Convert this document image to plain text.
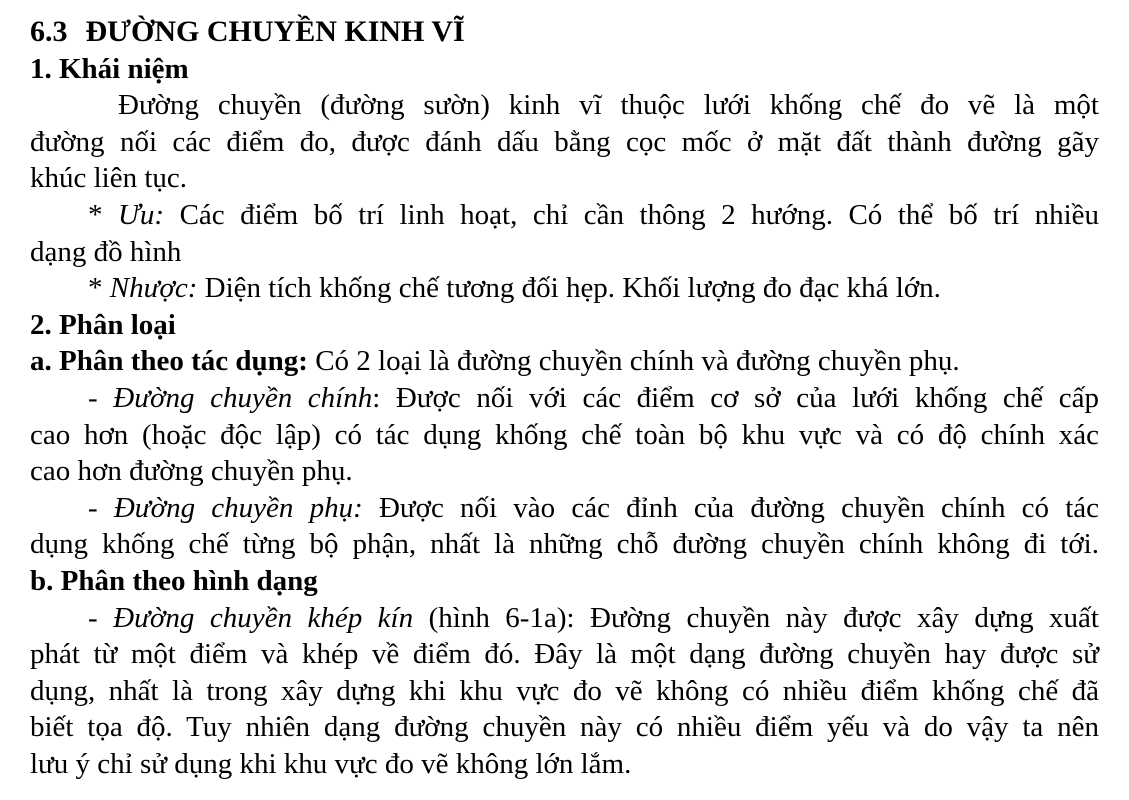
6.3 ĐƯỜNG CHUYỀN KINH VĨ
1. Khái niệm
Đường chuyền (đường sườn) kinh vĩ thuộc lưới khống chế đo vẽ là một
đường nối các điểm đo, được đánh dấu bằng cọc mốc ở mặt đất thành đường gãy
khúc liên tục.
* Ưu: Các điểm bố trí linh hoạt, chỉ cần thông 2 hướng. Có thể bố trí nhiều
dạng đồ hình
* Nhược: Diện tích khống chế tương đối hẹp. Khối lượng đo đạc khá lớn.
2. Phân loại
a. Phân theo tác dụng: Có 2 loại là đường chuyền chính và đường chuyền phụ.
- Đường chuyền chính: Được nối với các điểm cơ sở của lưới khống chế cấp
cao hơn (hoặc độc lập) có tác dụng khống chế toàn bộ khu vực và có độ chính xác
cao hơn đường chuyền phụ.
- Đường chuyền phụ: Được nối vào các đỉnh của đường chuyền chính có tác
dụng khống chế từng bộ phận, nhất là những chỗ đường chuyền chính không đi tới.
b. Phân theo hình dạng
- Đường chuyền khép kín (hình 6-1a): Đường chuyền này được xây dựng xuất
phát từ một điểm và khép về điểm đó. Đây là một dạng đường chuyền hay được sử
dụng, nhất là trong xây dựng khi khu vực đo vẽ không có nhiều điểm khống chế đã
biết tọa độ. Tuy nhiên dạng đường chuyền này có nhiều điểm yếu và do vậy ta nên
lưu ý chỉ sử dụng khi khu vực đo vẽ không lớn lắm.
